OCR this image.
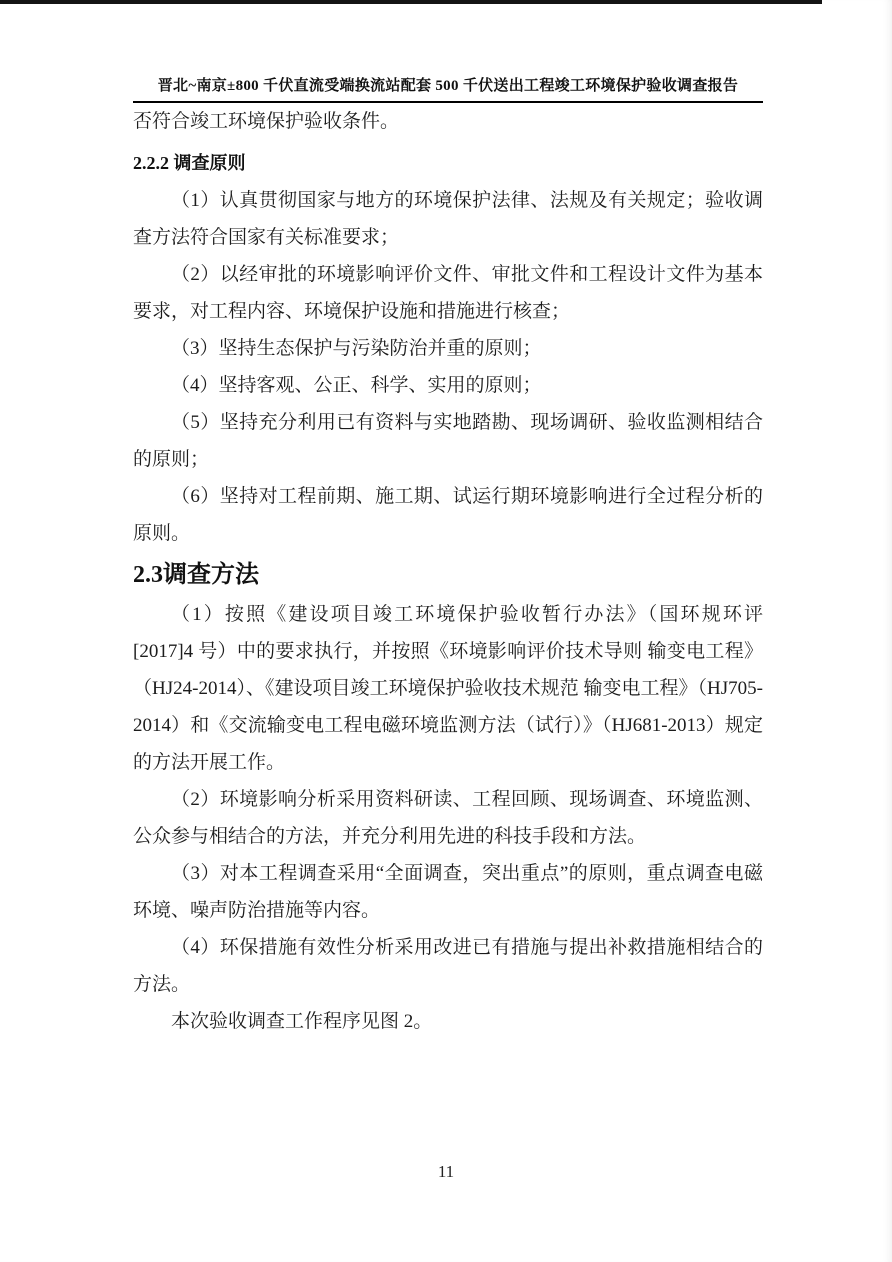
晋北~南京±800 千伏直流受端换流站配套 500 千伏送出工程竣工环境保护验收调查报告

否符合竣工环境保护验收条件。

2.2.2 调查原则

（1）认真贯彻国家与地方的环境保护法律、法规及有关规定；验收调查方法符合国家有关标准要求；

（2）以经审批的环境影响评价文件、审批文件和工程设计文件为基本要求，对工程内容、环境保护设施和措施进行核查；

（3）坚持生态保护与污染防治并重的原则；

（4）坚持客观、公正、科学、实用的原则；

（5）坚持充分利用已有资料与实地踏勘、现场调研、验收监测相结合的原则；

（6）坚持对工程前期、施工期、试运行期环境影响进行全过程分析的原则。

2.3调查方法

（1）按照《建设项目竣工环境保护验收暂行办法》（国环规环评[2017]4 号）中的要求执行，并按照《环境影响评价技术导则 输变电工程》（HJ24-2014）、《建设项目竣工环境保护验收技术规范 输变电工程》（HJ705-2014）和《交流输变电工程电磁环境监测方法（试行）》（HJ681-2013）规定的方法开展工作。

（2）环境影响分析采用资料研读、工程回顾、现场调查、环境监测、公众参与相结合的方法，并充分利用先进的科技手段和方法。

（3）对本工程调查采用“全面调查，突出重点”的原则，重点调查电磁环境、噪声防治措施等内容。

（4）环保措施有效性分析采用改进已有措施与提出补救措施相结合的方法。

本次验收调查工作程序见图 2。

11
